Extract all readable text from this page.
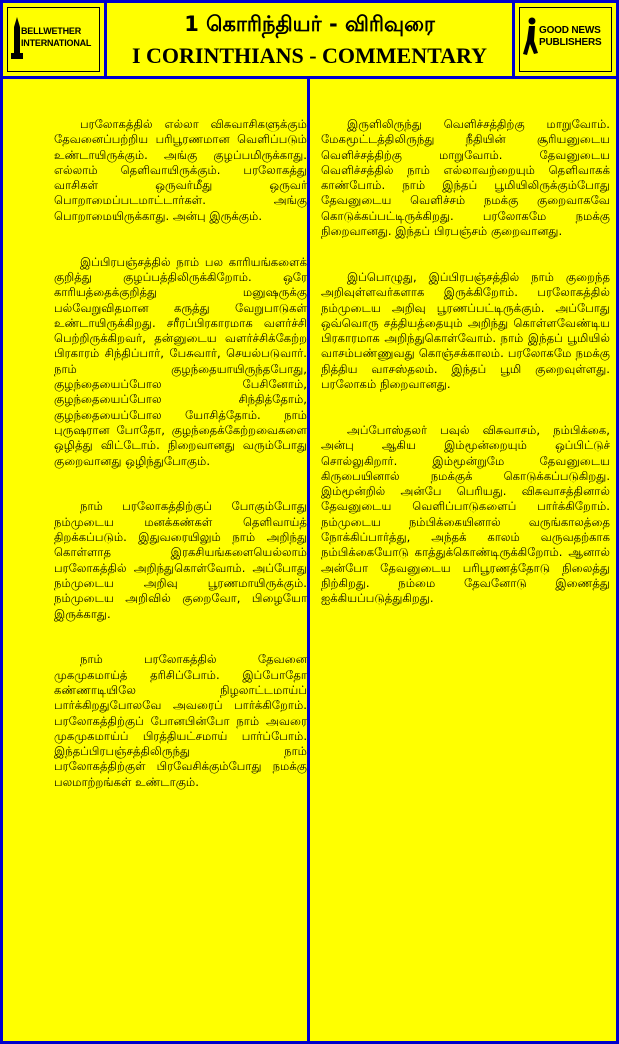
BELLWETHER INTERNATIONAL
1 கொரிந்தியர் - விரிவுரை
I CORINTHIANS - COMMENTARY
GOOD NEWS PUBLISHERS

பரலோகத்தில் எல்லா விசுவாசிகளுக்கும் தேவனைப்பற்றிய பரிபூரணமான வெளிப்படும் உண்டாயிருக்கும். அங்கு குழப்பமிருக்காது. எல்லாம் தெளிவாயிருக்கும். பரலோகத்து வாசிகள் ஒருவர்மீது ஒருவர் பொறாமைப்படமாட்டார்கள். அங்கு பொறாமையிருக்காது. அன்பு இருக்கும்.

இப்பிரபஞ்சத்தில் நாம் பல காரியங்களைக் குறித்து குழப்பத்திலிருக்கிறோம். ஒரே காரியத்தைக்குறித்து மனுஷருக்கு பல்வேறுவிதமான கருத்து வேறுபாடுகள் உண்டாயிருக்கிறது. சரீரப்பிரகாரமாக வளர்ச்சி பெற்றிருக்கிறவர், தன்னுடைய வளர்ச்சிக்கேற்ற பிரகாரம் சிந்திப்பார், பேசுவார், செயல்படுவார். நாம் குழந்தையாயிருந்தபோது, குழந்தையைப்போல பேசினோம், குழந்தையைப்போல சிந்தித்தோம், குழந்தையைப்போல யோசித்தோம். நாம் புருஷரான போதோ, குழந்தைக்கேற்றவைகளை ஒழித்து விட்டோம். நிறைவானது வரும்போது குறைவானது ஒழிந்துபோகும்.

நாம் பரலோகத்திற்குப் போகும்போது நம்முடைய மனக்கண்கள் தெளிவாய்த் திறக்கப்படும். இதுவரையிலும் நாம் அறிந்து கொள்ளாத இரகசியங்களையெல்லாம் பரலோகத்தில் அறிந்துகொள்வோம். அப்போது நம்முடைய அறிவு பூரணமாயிருக்கும். நம்முடைய அறிவில் குறைவோ, பிழையோ இருக்காது.

நாம் பரலோகத்தில் தேவனை முகமுகமாய்த் தரிசிப்போம். இப்போதோ கண்ணாடியிலே நிழலாட்டமாய்ப் பார்க்கிறதுபோலவே அவரைப் பார்க்கிறோம். பரலோகத்திற்குப் போனபின்போ நாம் அவரை முகமுகமாய்ப் பிரத்தியட்சமாய் பார்ப்போம். இந்தப்பிரபஞ்சத்திலிருந்து நாம் பரலோகத்திற்குள் பிரவேசிக்கும்போது நமக்கு பலமாற்றங்கள் உண்டாகும்.

இருளிலிருந்து வெளிச்சத்திற்கு மாறுவோம். மேகமூட்டத்திலிருந்து நீதியின் சூரியனுடைய வெளிச்சத்திற்கு மாறுவோம். தேவனுடைய வெளிச்சத்தில் நாம் எல்லாவற்றையும் தெளிவாகக் காண்போம். நாம் இந்தப் பூமியிலிருக்கும்போது தேவனுடைய வெளிச்சம் நமக்கு குறைவாகவே கொடுக்கப்பட்டிருக்கிறது. பரலோகமே நமக்கு நிறைவானது. இந்தப் பிரபஞ்சம் குறைவானது.

இப்பொழுது, இப்பிரபஞ்சத்தில் நாம் குறைந்த அறிவுள்ளவர்களாக இருக்கிறோம். பரலோகத்தில் நம்முடைய அறிவு பூரணப்பட்டிருக்கும். அப்போது ஒவ்வொரு சத்தியத்தையும் அறிந்து கொள்ளவேண்டிய பிரகாரமாக அறிந்துகொள்வோம். நாம் இந்தப் பூமியில் வாசம்பண்ணுவது கொஞ்சக்காலம். பரலோகமே நமக்கு நித்திய வாசஸ்தலம். இந்தப் பூமி குறைவுள்ளது. பரலோகம் நிறைவானது.

அப்போஸ்தலர் பவுல் விசுவாசம், நம்பிக்கை, அன்பு ஆகிய இம்மூன்றையும் ஒப்பிட்டுச் சொல்லுகிறார். இம்மூன்றுமே தேவனுடைய கிருபையினால் நமக்குக் கொடுக்கப்படுகிறது. இம்மூன்றில் அன்பே பெரியது. விசுவாசத்தினால் தேவனுடைய வெளிப்பாடுகளைப் பார்க்கிறோம். நம்முடைய நம்பிக்கையினால் வருங்காலத்தை நோக்கிப்பார்த்து, அந்தக் காலம் வருவதற்காக நம்பிக்கையோடு காத்துக்கொண்டிருக்கிறோம். ஆனால் அன்போ தேவனுடைய பரிபூரணத்தோடு நிலைத்து நிற்கிறது. நம்மை தேவனோடு இணைத்து ஐக்கியப்படுத்துகிறது.
